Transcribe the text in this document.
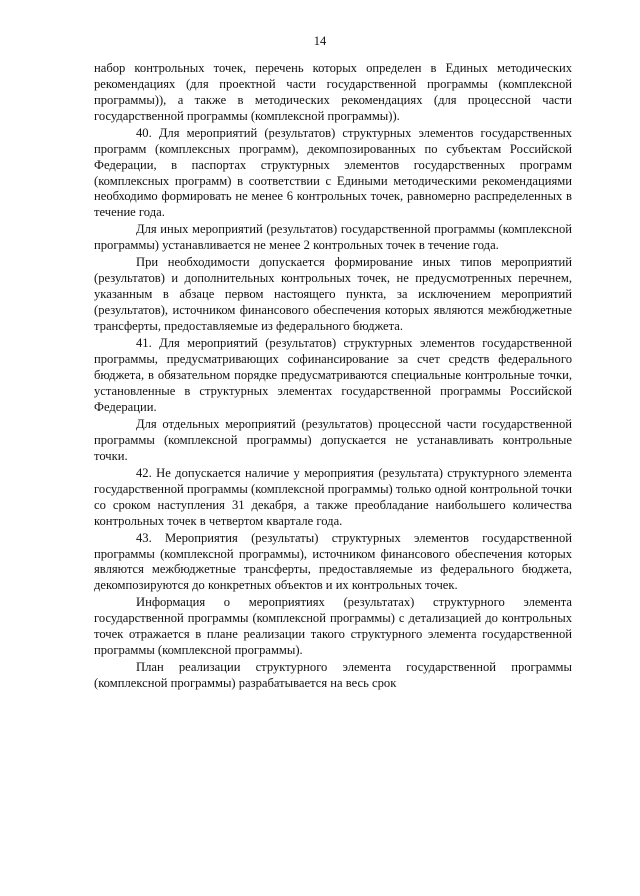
14

набор контрольных точек, перечень которых определен в Единых методических рекомендациях (для проектной части государственной программы (комплексной программы)), а также в методических рекомендациях (для процессной части государственной программы (комплексной программы)).

40. Для мероприятий (результатов) структурных элементов государственных программ (комплексных программ), декомпозированных по субъектам Российской Федерации, в паспортах структурных элементов государственных программ (комплексных программ) в соответствии с Едиными методическими рекомендациями необходимо формировать не менее 6 контрольных точек, равномерно распределенных в течение года.

Для иных мероприятий (результатов) государственной программы (комплексной программы) устанавливается не менее 2 контрольных точек в течение года.

При необходимости допускается формирование иных типов мероприятий (результатов) и дополнительных контрольных точек, не предусмотренных перечнем, указанным в абзаце первом настоящего пункта, за исключением мероприятий (результатов), источником финансового обеспечения которых являются межбюджетные трансферты, предоставляемые из федерального бюджета.

41. Для мероприятий (результатов) структурных элементов государственной программы, предусматривающих софинансирование за счет средств федерального бюджета, в обязательном порядке предусматриваются специальные контрольные точки, установленные в структурных элементах государственной программы Российской Федерации.

Для отдельных мероприятий (результатов) процессной части государственной программы (комплексной программы) допускается не устанавливать контрольные точки.

42. Не допускается наличие у мероприятия (результата) структурного элемента государственной программы (комплексной программы) только одной контрольной точки со сроком наступления 31 декабря, а также преобладание наибольшего количества контрольных точек в четвертом квартале года.

43. Мероприятия (результаты) структурных элементов государственной программы (комплексной программы), источником финансового обеспечения которых являются межбюджетные трансферты, предоставляемые из федерального бюджета, декомпозируются до конкретных объектов и их контрольных точек.

Информация о мероприятиях (результатах) структурного элемента государственной программы (комплексной программы) с детализацией до контрольных точек отражается в плане реализации такого структурного элемента государственной программы (комплексной программы).

План реализации структурного элемента государственной программы (комплексной программы) разрабатывается на весь срок
